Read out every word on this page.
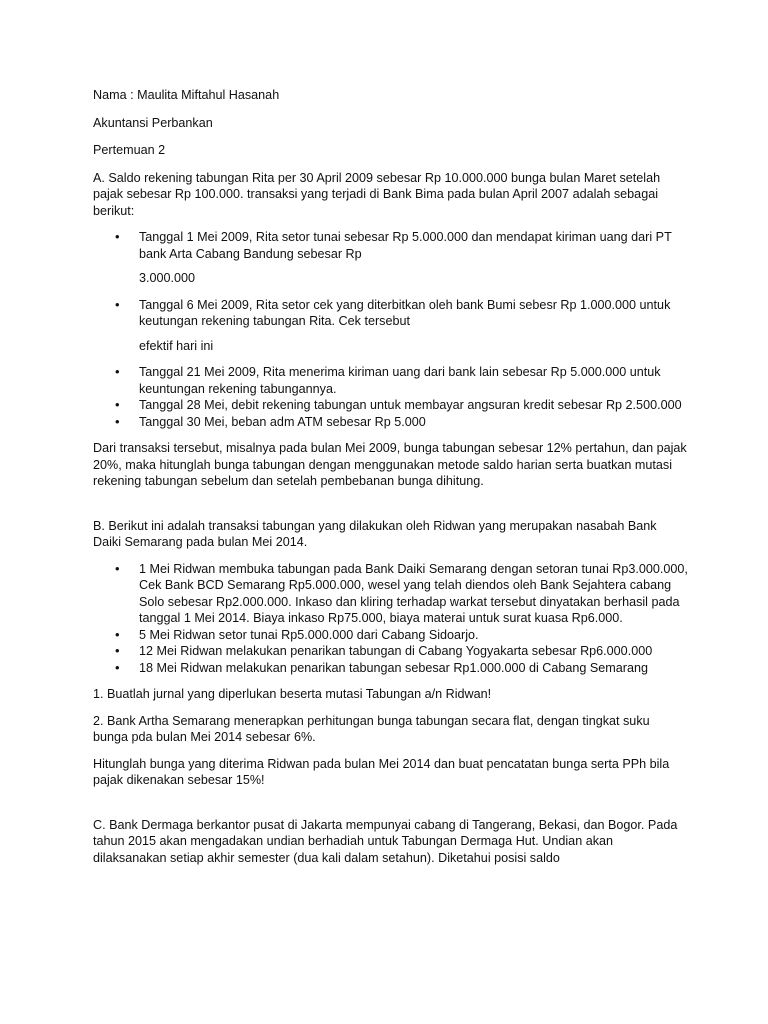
Nama : Maulita Miftahul Hasanah

Akuntansi Perbankan

Pertemuan 2

A. Saldo rekening tabungan Rita per 30 April 2009 sebesar Rp 10.000.000 bunga bulan Maret setelah pajak sebesar Rp 100.000. transaksi yang terjadi di Bank Bima pada bulan April 2007 adalah sebagai berikut:

• Tanggal 1 Mei 2009, Rita setor tunai sebesar Rp 5.000.000 dan mendapat kiriman uang dari PT bank Arta Cabang Bandung sebesar Rp

3.000.000

• Tanggal 6 Mei 2009, Rita setor cek yang diterbitkan oleh bank Bumi sebesr Rp 1.000.000 untuk keutungan rekening tabungan Rita. Cek tersebut

efektif hari ini

• Tanggal 21 Mei 2009, Rita menerima kiriman uang dari bank lain sebesar Rp 5.000.000 untuk keuntungan rekening tabungannya.
• Tanggal 28 Mei, debit rekening tabungan untuk membayar angsuran kredit sebesar Rp 2.500.000
• Tanggal 30 Mei, beban adm ATM sebesar Rp 5.000

Dari transaksi tersebut, misalnya pada bulan Mei 2009, bunga tabungan sebesar 12% pertahun, dan pajak 20%, maka hitunglah bunga tabungan dengan menggunakan metode saldo harian serta buatkan mutasi rekening tabungan sebelum dan setelah pembebanan bunga dihitung.

B. Berikut ini adalah transaksi tabungan yang dilakukan oleh Ridwan yang merupakan nasabah Bank Daiki Semarang pada bulan Mei 2014.

• 1 Mei Ridwan membuka tabungan pada Bank Daiki Semarang dengan setoran tunai Rp3.000.000, Cek Bank BCD Semarang Rp5.000.000, wesel yang telah diendos oleh Bank Sejahtera cabang Solo sebesar Rp2.000.000. Inkaso dan kliring terhadap warkat tersebut dinyatakan berhasil pada tanggal 1 Mei 2014. Biaya inkaso Rp75.000, biaya materai untuk surat kuasa Rp6.000.
• 5 Mei Ridwan setor tunai Rp5.000.000 dari Cabang Sidoarjo.
• 12 Mei Ridwan melakukan penarikan tabungan di Cabang Yogyakarta sebesar Rp6.000.000
• 18 Mei Ridwan melakukan penarikan tabungan sebesar Rp1.000.000 di Cabang Semarang

1. Buatlah jurnal yang diperlukan beserta mutasi Tabungan a/n Ridwan!

2. Bank Artha Semarang menerapkan perhitungan bunga tabungan secara flat, dengan tingkat suku bunga pda bulan Mei 2014 sebesar 6%.

Hitunglah bunga yang diterima Ridwan pada bulan Mei 2014 dan buat pencatatan bunga serta PPh bila pajak dikenakan sebesar 15%!

C. Bank Dermaga berkantor pusat di Jakarta mempunyai cabang di Tangerang, Bekasi, dan Bogor. Pada tahun 2015 akan mengadakan undian berhadiah untuk Tabungan Dermaga Hut. Undian akan dilaksanakan setiap akhir semester (dua kali dalam setahun). Diketahui posisi saldo
